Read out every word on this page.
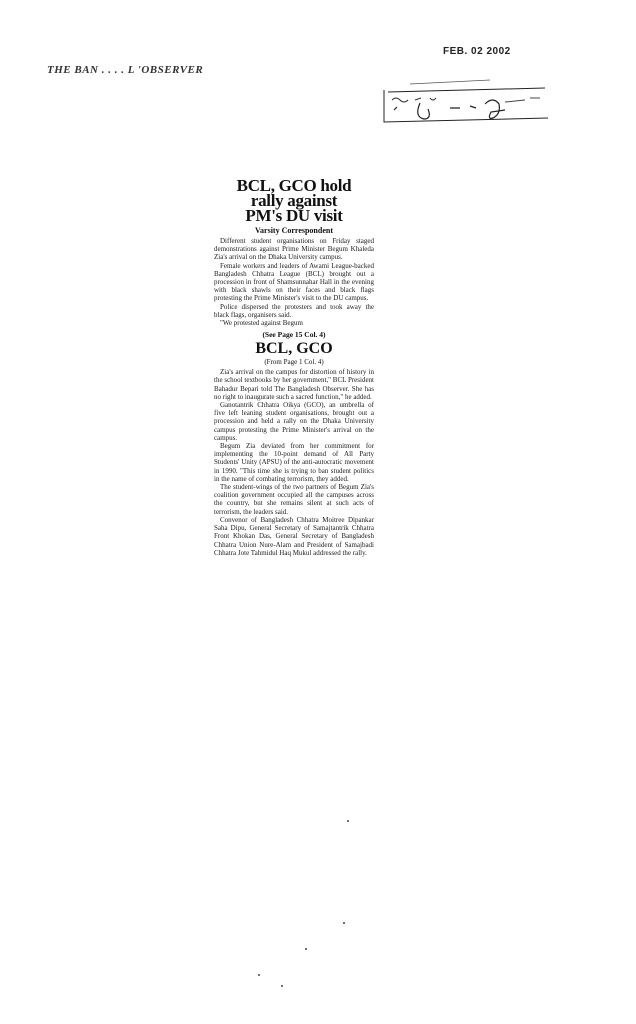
THE BAN . . . . L 'OBSERVER
FEB. 02 2002
BCL, GCO hold
rally against
PM's DU visit
Varsity Correspondent

Different student organisations on Friday staged demonstrations against Prime Minister Begum Khaleda Zia's arrival on the Dhaka University campus.

Female workers and leaders of Awami League-backed Bangladesh Chhatra League (BCL) brought out a procession in front of Shamsunnahar Hall in the evening with black shawls on their faces and black flags protesting the Prime Minister's visit to the DU campus.

Police dispersed the protesters and took away the black flags, organisers said.

"We protested against Begum

(See Page 15 Col. 4)
BCL, GCO
(From Page 1 Col. 4)

Zia's arrival on the campus for distortion of history in the school textbooks by her government," BCL President Bahadur Bepari told The Bangladesh Observer. She has no right to inaugurate such a sacred function," he added.

Ganotantrik Chhatra Oikya (GCO), an umbrella of five left leaning student organisations, brought out a procession and held a rally on the Dhaka University campus protesting the Prime Minister's arrival on the campus.

Begum Zia deviated from her commitment for implementing the 10-point demand of All Party Students' Unity (APSU) of the anti-autocratic movement in 1990. "This time she is trying to ban student politics in the name of combating terrorism, they added.

The student-wings of the two partners of Begum Zia's coalition government occupied all the campuses across the country, but she remains silent at such acts of terrorism, the leaders said.

Convenor of Bangladesh Chhatra Moitree Dipankar Saha Dipu, General Secretary of Samajtantrik Chhatra Front Khokan Das, General Secretary of Bangladesh Chhatra Union Nure-Alam and President of Samajbadi Chhatra Jote Tahmidul Haq Mukul addressed the rally.
